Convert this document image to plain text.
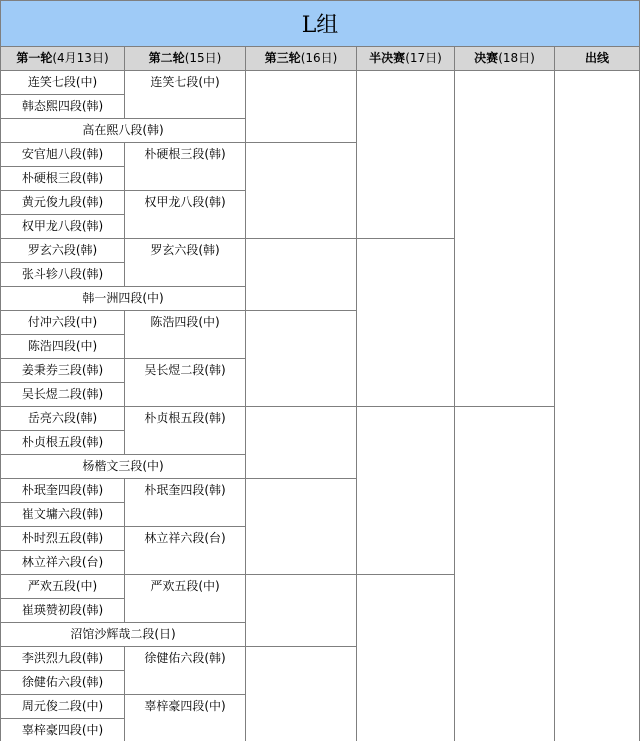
L组
第一轮(4月13日)	第二轮(15日)	第三轮(16日)	半决赛(17日)	决赛(18日)	出线
连笑七段(中)	连笑七段(中)				
韩态熙四段(韩)					
高在熙八段(韩)					
安官旭八段(韩)	朴硬根三段(韩)				
朴硬根三段(韩)					
黄元俊九段(韩)	权甲龙八段(韩)				
权甲龙八段(韩)					
罗玄六段(韩)	罗玄六段(韩)				
张斗轸八段(韩)					
韩一洲四段(中)					
付冲六段(中)	陈浩四段(中)				
陈浩四段(中)					
姜秉券三段(韩)	吴长煜二段(韩)				
吴长煜二段(韩)					
岳亮六段(韩)	朴贞根五段(韩)				
朴贞根五段(韩)					
杨楷文三段(中)					
朴珉奎四段(韩)	朴珉奎四段(韩)				
崔文墉六段(韩)					
朴时烈五段(韩)	林立祥六段(台)				
林立祥六段(台)					
严欢五段(中)	严欢五段(中)				
崔瑛赞初段(韩)					
沼馆沙辉哉二段(日)					
李洪烈九段(韩)	徐健佑六段(韩)				
徐健佑六段(韩)					
周元俊二段(中)	辜梓豪四段(中)				
辜梓豪四段(中)					
